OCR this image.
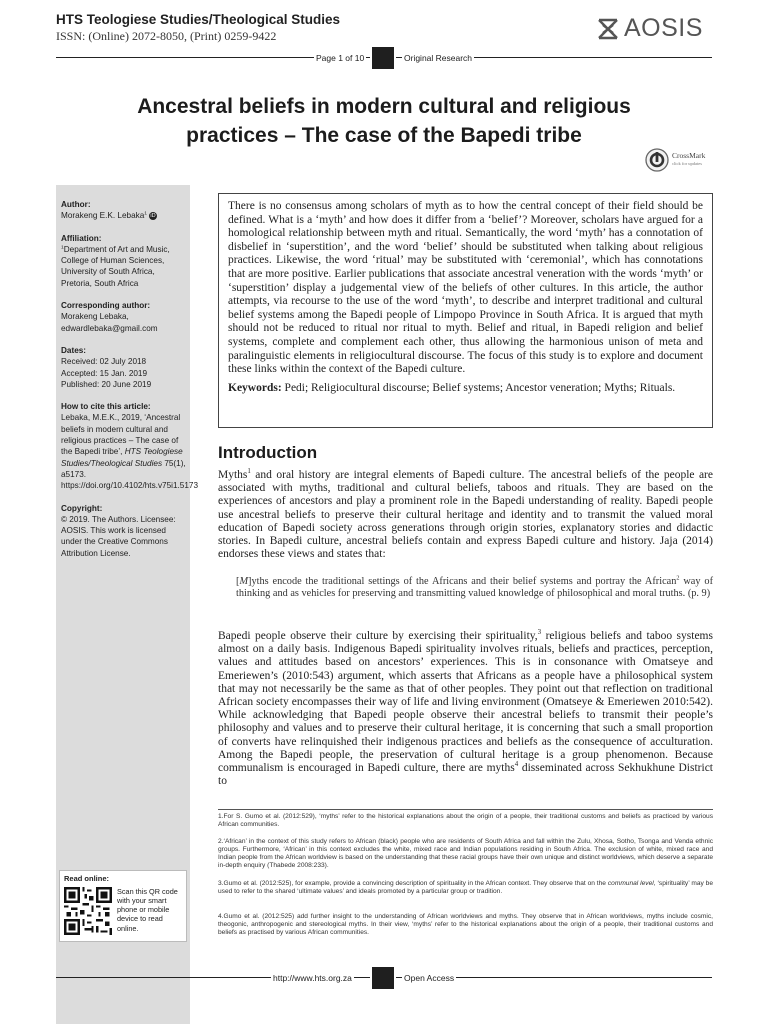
HTS Teologiese Studies/Theological Studies
ISSN: (Online) 2072-8050, (Print) 0259-9422	AOSIS
Page 1 of 10	Original Research
Ancestral beliefs in modern cultural and religious
practices – The case of the Bapedi tribe
CrossMark
click for updates
Author:
Morakeng E.K. Lebaka$^1$ iD
Affiliation:
$^1$Department of Art and Music, College of Human Sciences, University of South Africa, Pretoria, South Africa
Corresponding author:
Morakeng Lebaka,
edwardlebaka@gmail.com
Dates:
Received: 02 July 2018
Accepted: 15 Jan. 2019
Published: 20 June 2019
How to cite this article:
Lebaka, M.E.K., 2019, ‘Ancestral beliefs in modern cultural and religious practices – The case of the Bapedi tribe’, HTS Teologiese Studies/Theological Studies 75(1), a5173. https://doi.org/10.4102/hts.v75i1.5173
Copyright:
© 2019. The Authors. Licensee: AOSIS. This work is licensed under the Creative Commons Attribution License.
Read online:
Scan this QR code with your smart phone or mobile device to read online.

There is no consensus among scholars of myth as to how the central concept of their field should be defined. What is a ‘myth’ and how does it differ from a ‘belief’? Moreover, scholars have argued for a homological relationship between myth and ritual. Semantically, the word ‘myth’ has a connotation of disbelief in ‘superstition’, and the word ‘belief’ should be substituted when talking about religious practices. Likewise, the word ‘ritual’ may be substituted with ‘ceremonial’, which has connotations that are more positive. Earlier publications that associate ancestral veneration with the words ‘myth’ or ‘superstition’ display a judgemental view of the beliefs of other cultures. In this article, the author attempts, via recourse to the use of the word ‘myth’, to describe and interpret traditional and cultural belief systems among the Bapedi people of Limpopo Province in South Africa. It is argued that myth should not be reduced to ritual nor ritual to myth. Belief and ritual, in Bapedi religion and belief systems, complete and complement each other, thus allowing the harmonious unison of meta and paralinguistic elements in religiocultural discourse. The focus of this study is to explore and document these links within the context of the Bapedi culture.

Keywords: Pedi; Religiocultural discourse; Belief systems; Ancestor veneration; Myths; Rituals.

Introduction

Myths$^1$ and oral history are integral elements of Bapedi culture. The ancestral beliefs of the people are associated with myths, traditional and cultural beliefs, taboos and rituals. They are based on the experiences of ancestors and play a prominent role in the Bapedi understanding of reality. Bapedi people use ancestral beliefs to preserve their cultural heritage and identity and to transmit the valued moral education of Bapedi society across generations through origin stories, explanatory stories and didactic stories. In Bapedi culture, ancestral beliefs contain and express Bapedi culture and history. Jaja (2014) endorses these views and states that:

[M]yths encode the traditional settings of the Africans and their belief systems and portray the African$^2$ way of thinking and as vehicles for preserving and transmitting valued knowledge of philosophical and moral truths. (p. 9)

Bapedi people observe their culture by exercising their spirituality,$^3$ religious beliefs and taboo systems almost on a daily basis. Indigenous Bapedi spirituality involves rituals, beliefs and practices, perception, values and attitudes based on ancestors’ experiences. This is in consonance with Omatseye and Emeriewen’s (2010:543) argument, which asserts that Africans as a people have a philosophical system that may not necessarily be the same as that of other peoples. They point out that reflection on traditional African society encompasses their way of life and living environment (Omatseye & Emeriewen 2010:542). While acknowledging that Bapedi people observe their ancestral beliefs to transmit their people’s philosophy and values and to preserve their cultural heritage, it is concerning that such a small proportion of converts have relinquished their indigenous practices and beliefs as the consequence of acculturation. Among the Bapedi people, the preservation of cultural heritage is a group phenomenon. Because communalism is encouraged in Bapedi culture, there are myths$^4$ disseminated across Sekhukhune District to

1.For S. Gumo et al. (2012:529), ‘myths’ refer to the historical explanations about the origin of a people, their traditional customs and beliefs as practiced by various African communities.

2.‘African’ in the context of this study refers to African (black) people who are residents of South Africa and fall within the Zulu, Xhosa, Sotho, Tsonga and Venda ethnic groups. Furthermore, ‘African’ in this context excludes the white, mixed race and Indian populations residing in South Africa. The exclusion of white, mixed race and Indian people from the African worldview is based on the understanding that these racial groups have their own unique and distinct worldviews, which deserve a separate in-depth enquiry (Thabede 2008:233).

3.Gumo et al. (2012:525), for example, provide a convincing description of spirituality in the African context. They observe that on the communal level, ‘spirituality’ may be used to refer to the shared ‘ultimate values’ and ideals promoted by a particular group or tradition.

4.Gumo et al. (2012:525) add further insight to the understanding of African worldviews and myths. They observe that in African worldviews, myths include cosmic, theogonic, anthropogenic and stereological myths. In their view, ‘myths’ refer to the historical explanations about the origin of a people, their traditional customs and beliefs as practised by various African communities.

http://www.hts.org.za	Open Access
